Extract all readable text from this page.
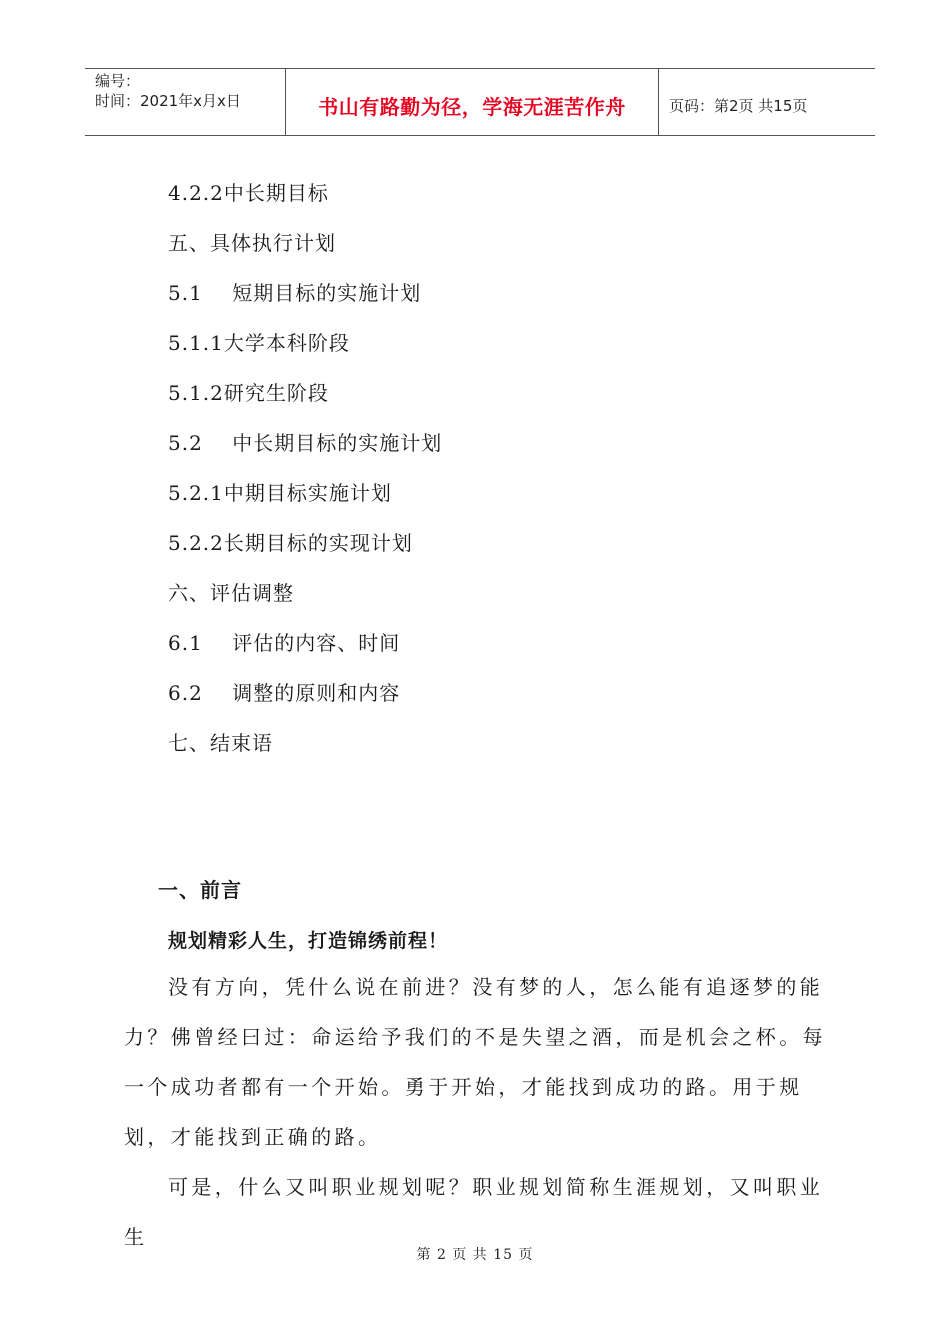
编号：
时间：2021年x月x日	书山有路勤为径，学海无涯苦作舟	页码：第2页 共15页
4.2.2中长期目标
五、具体执行计划
5.1    短期目标的实施计划
5.1.1大学本科阶段
5.1.2研究生阶段
5.2    中长期目标的实施计划
5.2.1中期目标实施计划
5.2.2长期目标的实现计划
六、评估调整
6.1    评估的内容、时间
6.2    调整的原则和内容
七、结束语
一、前言
规划精彩人生，打造锦绣前程！

没有方向，凭什么说在前进？没有梦的人，怎么能有追逐梦的能力？佛曾经曰过：命运给予我们的不是失望之酒，而是机会之杯。每一个成功者都有一个开始。勇于开始，才能找到成功的路。用于规划，才能找到正确的路。

可是，什么又叫职业规划呢？职业规划简称生涯规划，又叫职业生

第 2 页 共 15 页
